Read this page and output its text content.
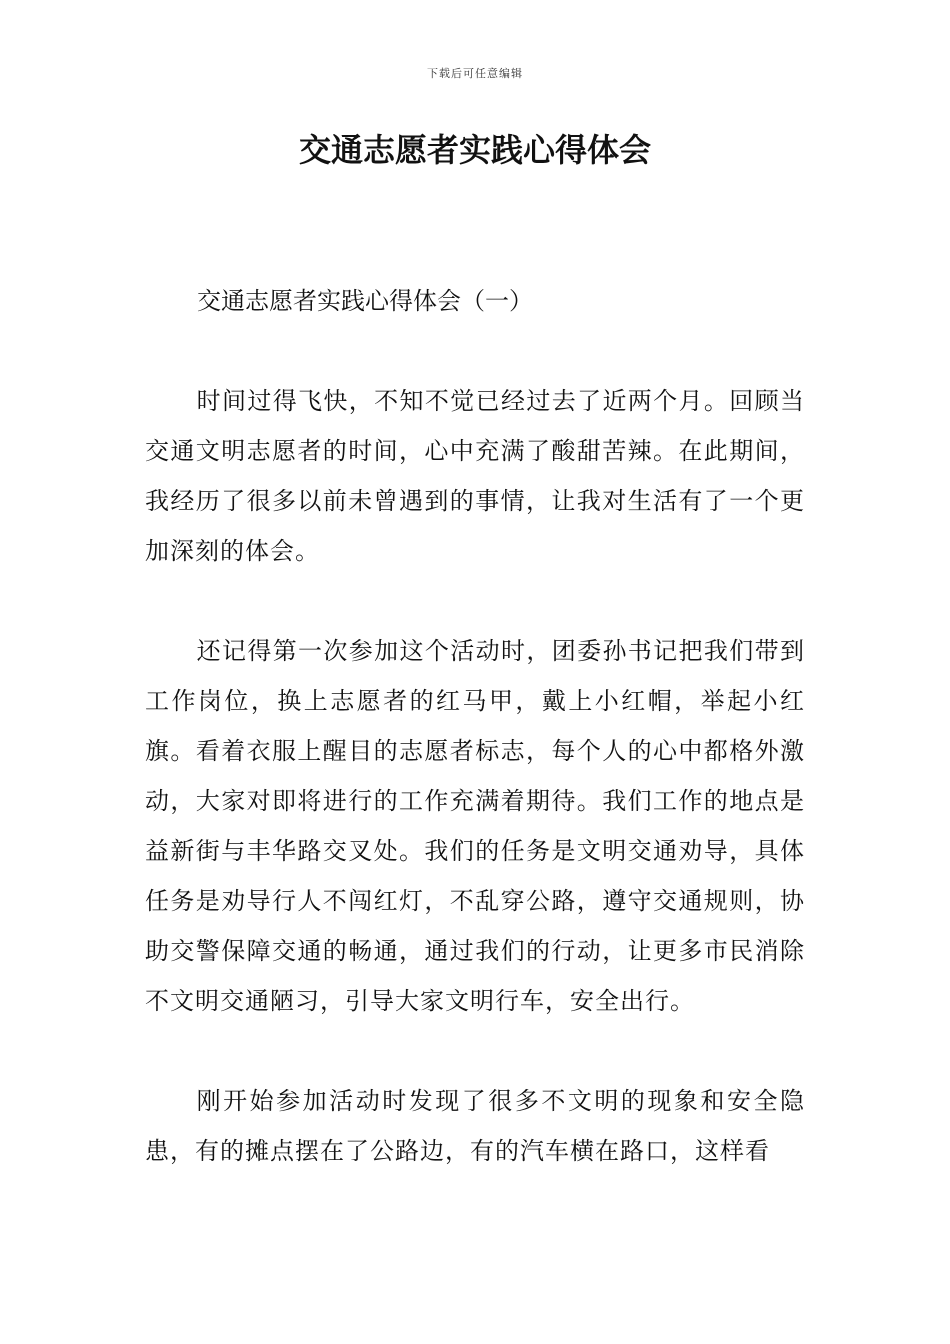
下载后可任意编辑
交通志愿者实践心得体会

交通志愿者实践心得体会（一）

时间过得飞快，不知不觉已经过去了近两个月。回顾当交通文明志愿者的时间，心中充满了酸甜苦辣。在此期间，我经历了很多以前未曾遇到的事情，让我对生活有了一个更加深刻的体会。

还记得第一次参加这个活动时，团委孙书记把我们带到工作岗位，换上志愿者的红马甲，戴上小红帽，举起小红旗。看着衣服上醒目的志愿者标志，每个人的心中都格外激动，大家对即将进行的工作充满着期待。我们工作的地点是益新街与丰华路交叉处。我们的任务是文明交通劝导，具体任务是劝导行人不闯红灯，不乱穿公路，遵守交通规则，协助交警保障交通的畅通，通过我们的行动，让更多市民消除不文明交通陋习，引导大家文明行车，安全出行。

刚开始参加活动时发现了很多不文明的现象和安全隐患，有的摊点摆在了公路边，有的汽车横在路口，这样看
